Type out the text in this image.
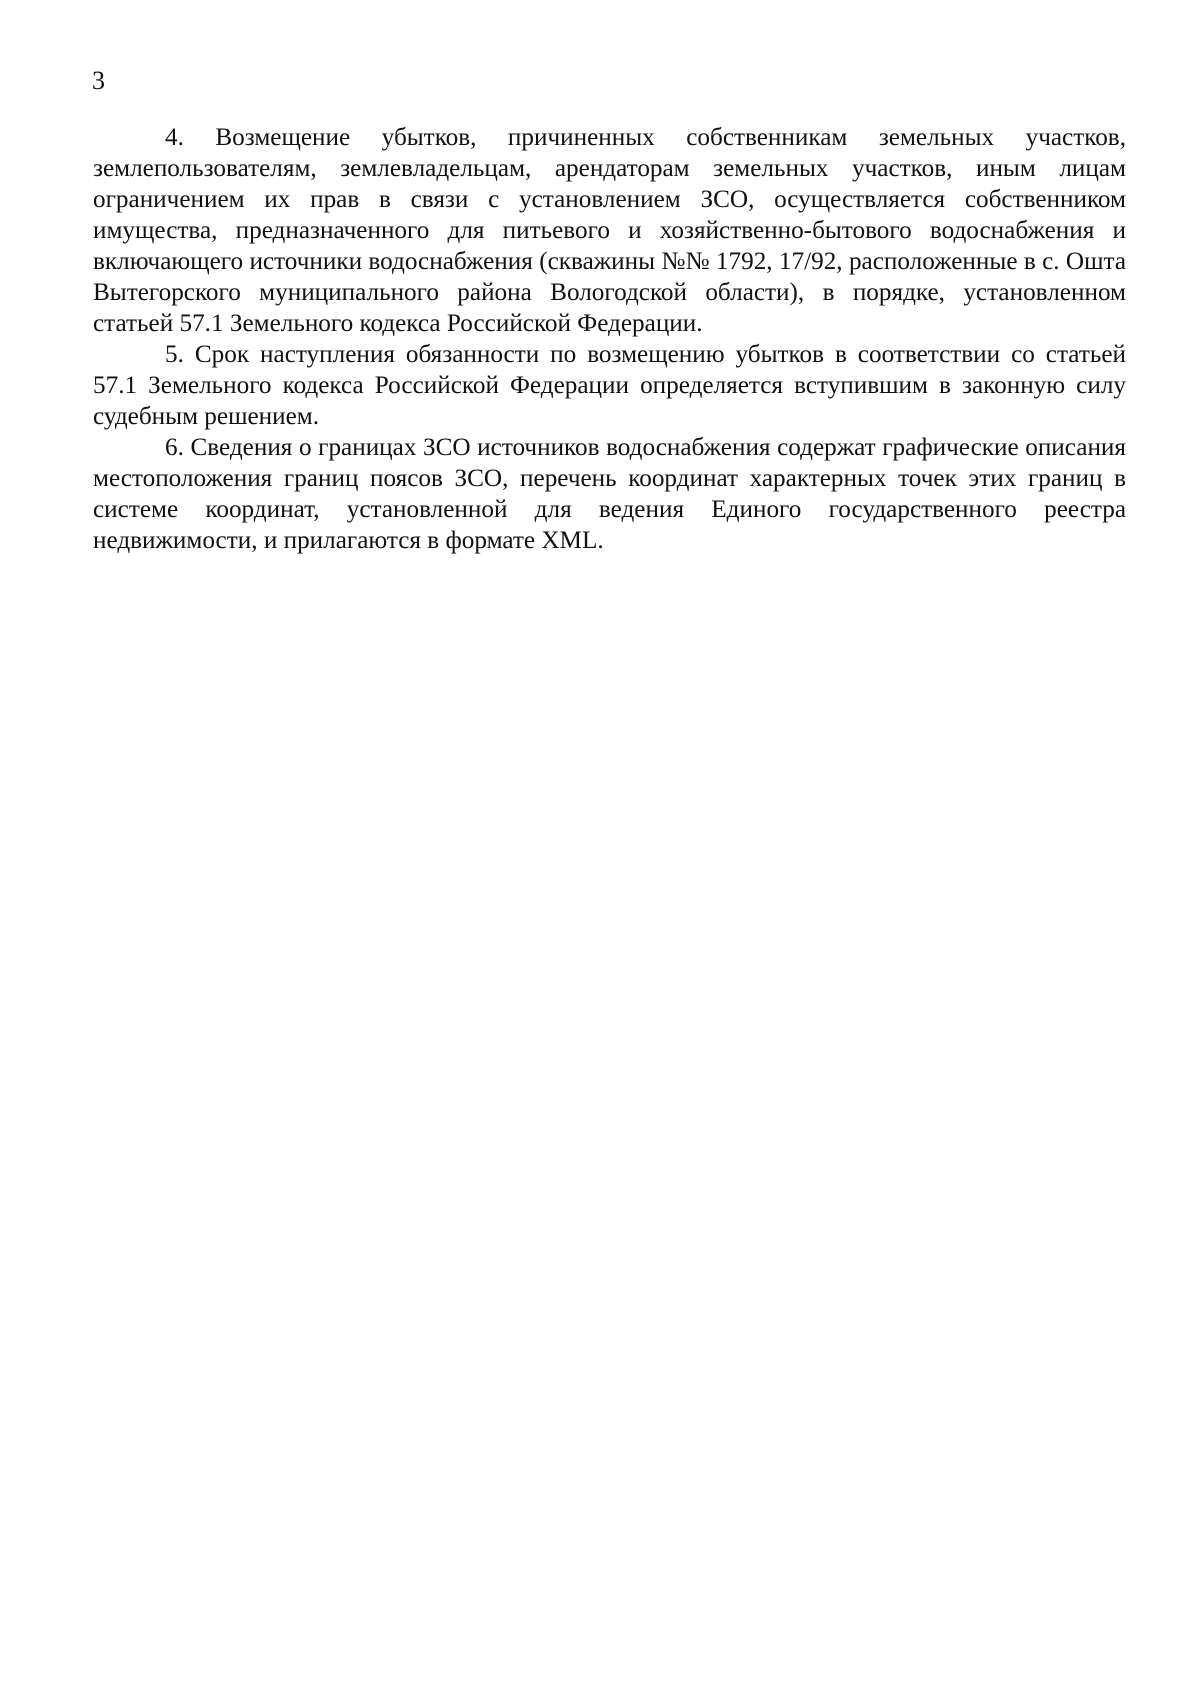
3

4. Возмещение убытков, причиненных собственникам земельных участков, землепользователям, землевладельцам, арендаторам земельных участков, иным лицам ограничением их прав в связи с установлением ЗСО, осуществляется собственником имущества, предназначенного для питьевого и хозяйственно-бытового водоснабжения и включающего источники водоснабжения (скважины №№ 1792, 17/92, расположенные в с. Ошта Вытегорского муниципального района Вологодской области), в порядке, установленном статьей 57.1 Земельного кодекса Российской Федерации.

5. Срок наступления обязанности по возмещению убытков в соответствии со статьей 57.1 Земельного кодекса Российской Федерации определяется вступившим в законную силу судебным решением.

6. Сведения о границах ЗСО источников водоснабжения содержат графические описания местоположения границ поясов ЗСО, перечень координат характерных точек этих границ в системе координат, установленной для ведения Единого государственного реестра недвижимости, и прилагаются в формате XML.
